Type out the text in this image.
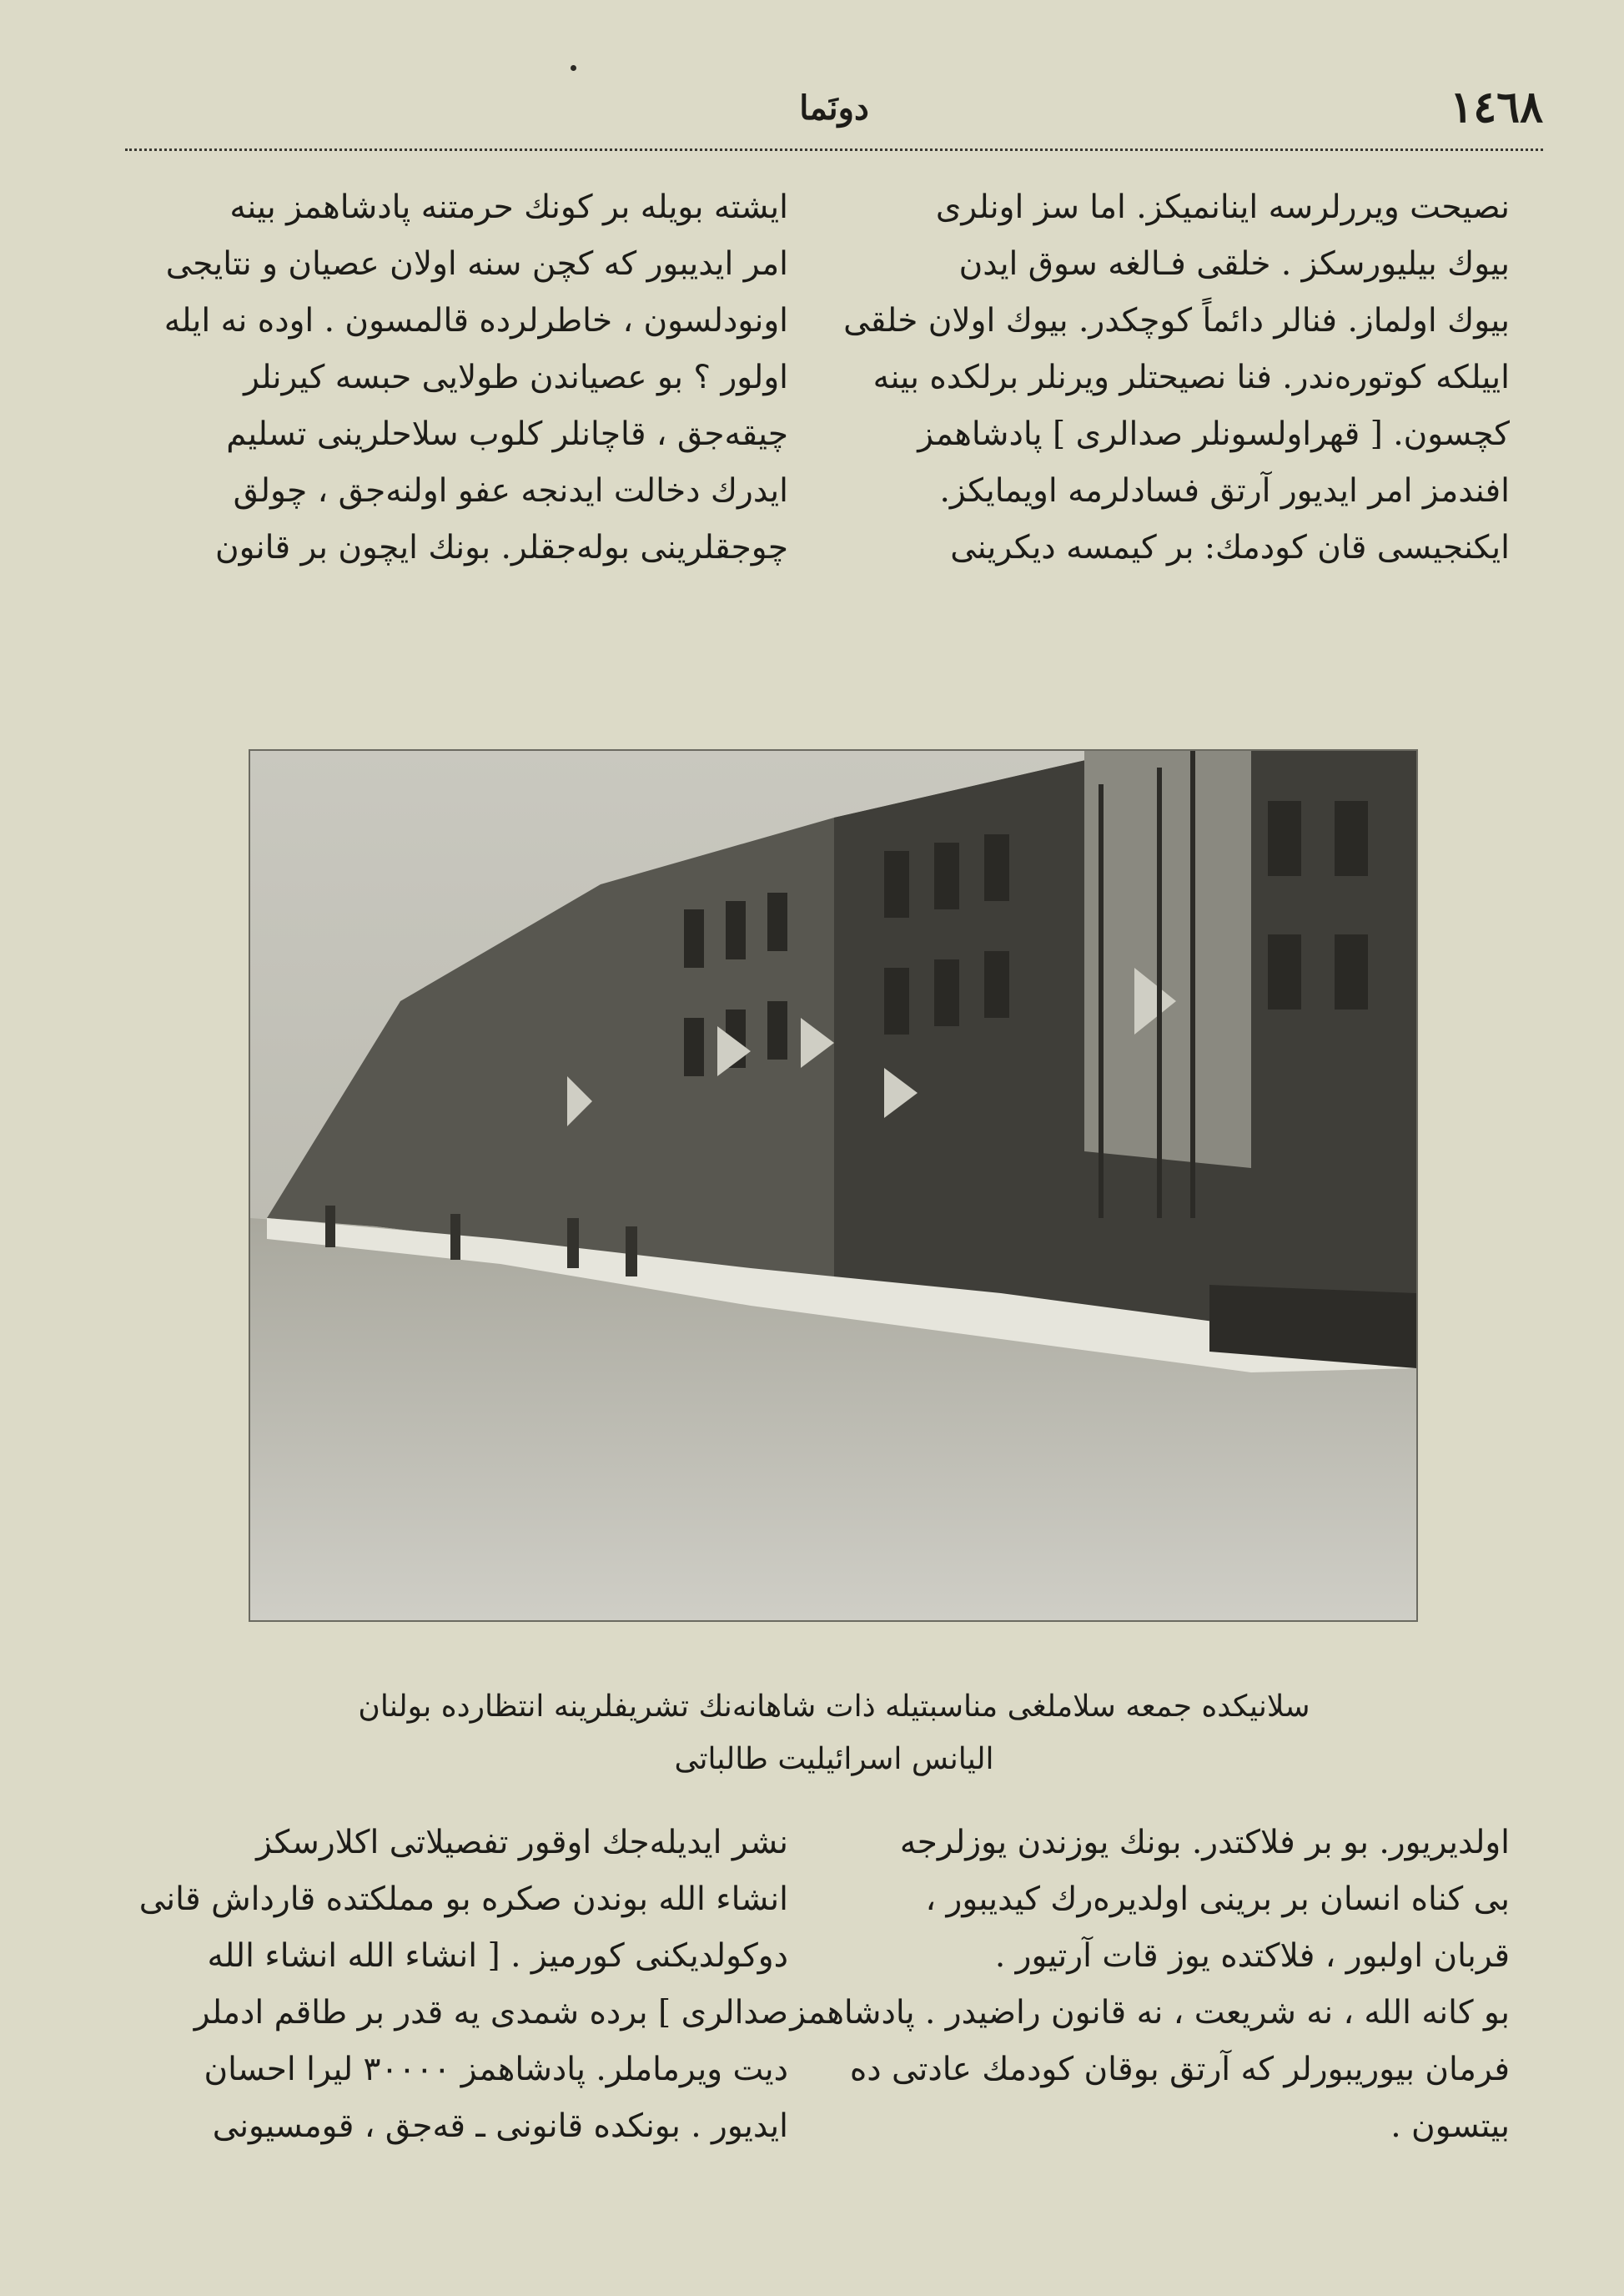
١٤٦٨
دونَما

نصيحت ويررلرسه اينانميكز. اما سز اونلرى

بيوك بيليورسكز . خلقى فـالغه سوق ايدن

بيوك اولماز. فنالر دائماً كوچكدر. بيوك اولان خلقى

اييلكه كوتوره‌ندر. فنا نصيحتلر ويرنلر برلكده بينه

كچسون. [ قهراولسونلر صدالرى ] پادشاهمز

افندمز امر ايديور آرتق فسادلرمه اويمايكز.

ايكنجيسى قان كودمك: بر كيمسه ديكرينى

ايشته بويله بر كونك حرمتنه پادشاهمز بينه

امر ايديبور كه كچن سنه اولان عصيان و نتايجى

اونودلسون ، خاطرلرده قالمسون . اوده نه ايله

اولور ؟ بو عصياندن طولايى حبسه كيرنلر

چيقه‌جق ، قاچانلر كلوب سلاحلرينى تسليم

ايدرك دخالت ايدنجه عفو اولنه‌جق ، چولق

چوجقلرينى بوله‌جقلر. بونك ايچون بر قانون

سلانيكده جمعه سلاملغى مناسبتيله ذات شاهانه‌نك تشريفلرينه انتظارده بولنان
اليانس اسرائيليت طالباتى

اولديريور. بو بر فلاكتدر. بونك يوزندن يوزلرجه

بى كناه انسان بر برينى اولديره‌رك كيديبور ،

قربان اولبور ، فلاكتده يوز قات آرتيور .

بو كانه الله ، نه شريعت ، نه قانون راضيدر . پادشاهمز

فرمان بيوريبورلر كه آرتق بوقان كودمك عادتى ده

بيتسون .

نشر ايديله‌جك اوقور تفصيلاتى اكلارسكز

انشاء الله بوندن صكره بو مملكتده قارداش قانى

دوكولديكنى كورميز . [ انشاء الله انشاء الله

صدالرى ] برده شمدى يه قدر بر طاقم ادملر

ديت ويرماملر. پادشاهمز ٣٠٠٠٠ ليرا احسان

ايديور . بونكده قانونى ـ قه‌جق ، قومسيونى
